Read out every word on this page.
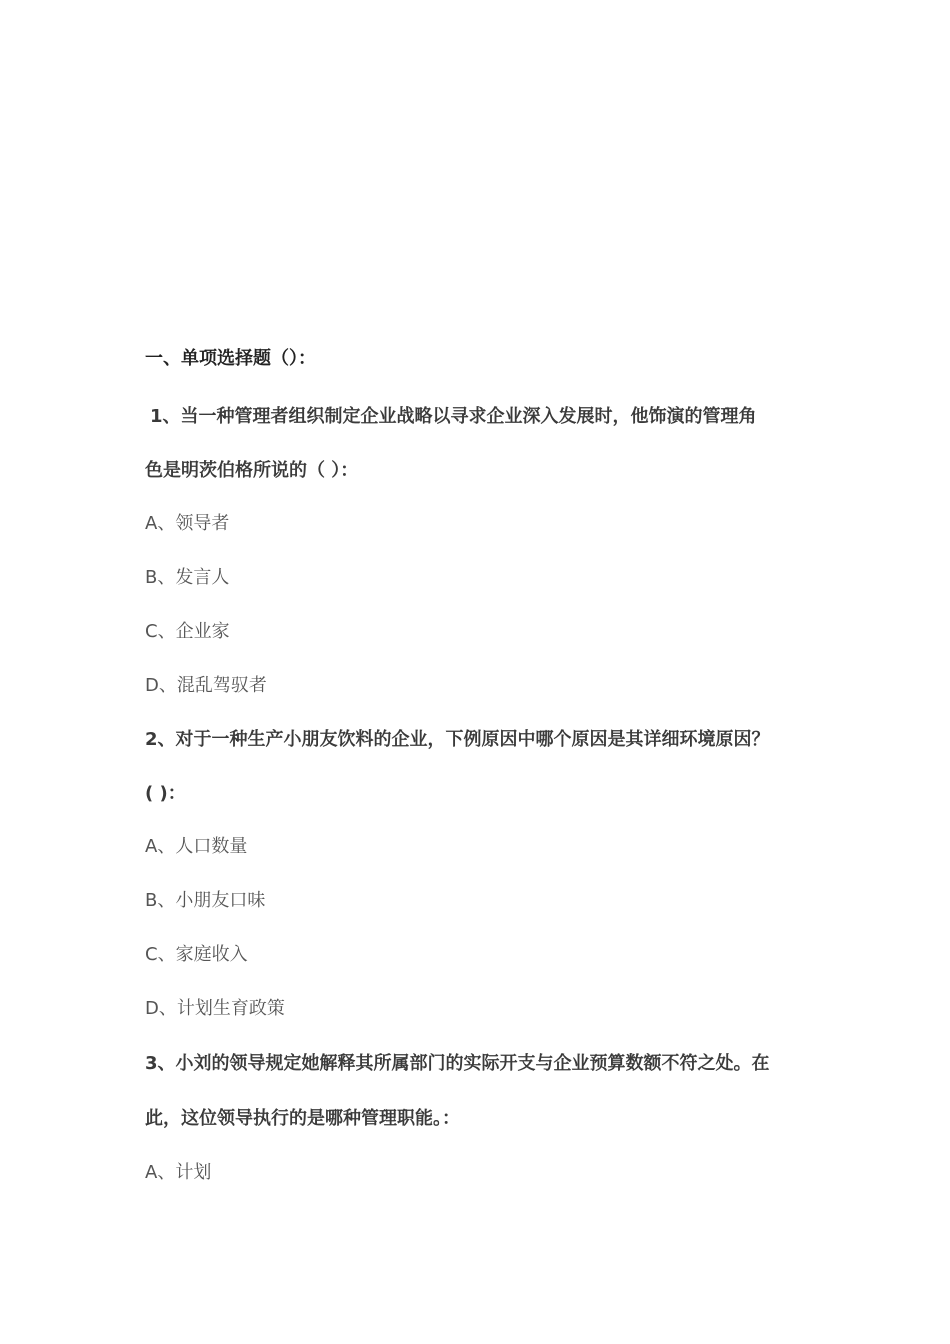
一、单项选择题（）：
1、当一种管理者组织制定企业战略以寻求企业深入发展时，他饰演的管理角
色是明茨伯格所说的（ ）：
A、领导者
B、发言人
C、企业家
D、混乱驾驭者
2、对于一种生产小朋友饮料的企业，下例原因中哪个原因是其详细环境原因？
( )：
A、人口数量
B、小朋友口味
C、家庭收入
D、计划生育政策
3、小刘的领导规定她解释其所属部门的实际开支与企业预算数额不符之处。在
此，这位领导执行的是哪种管理职能。：
A、计划
